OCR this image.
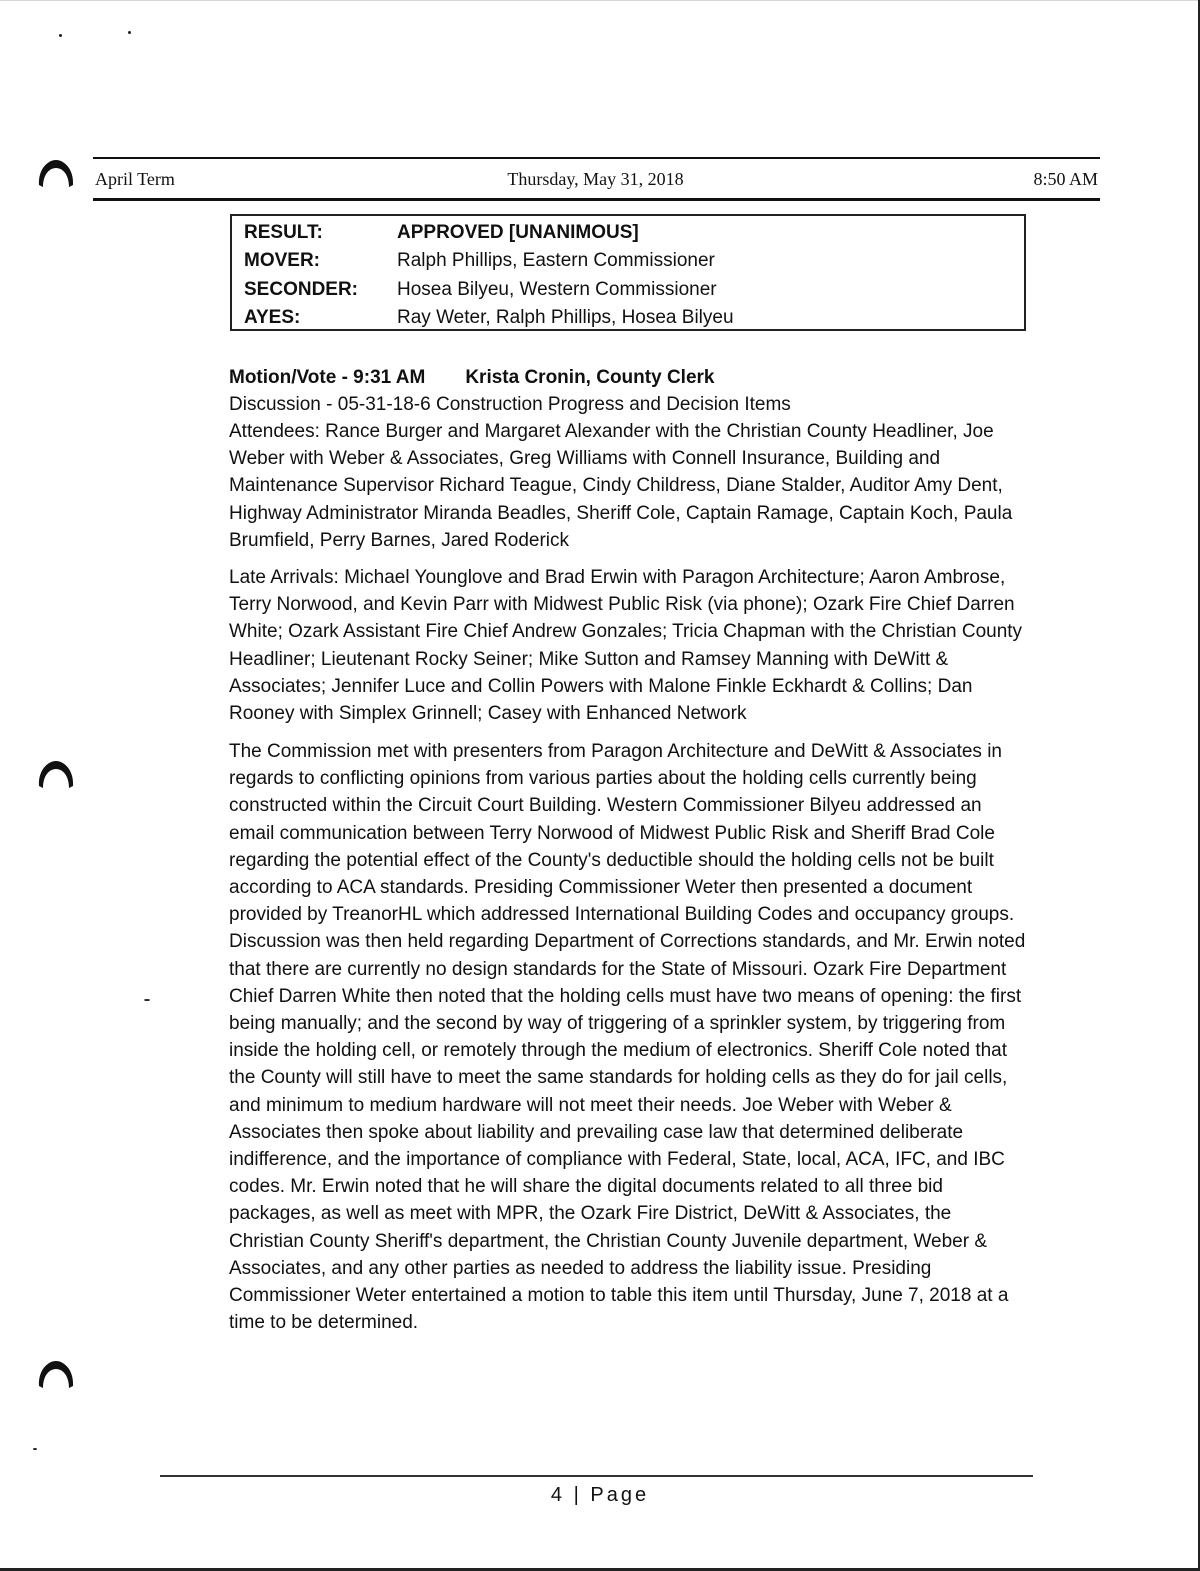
April Term	Thursday, May 31, 2018	8:50 AM
RESULT:	APPROVED [UNANIMOUS]
MOVER:	Ralph Phillips, Eastern Commissioner
SECONDER:	Hosea Bilyeu, Western Commissioner
AYES:	Ray Weter, Ralph Phillips, Hosea Bilyeu
Motion/Vote - 9:31 AM Krista Cronin, County Clerk
Discussion - 05-31-18-6 Construction Progress and Decision Items

Attendees: Rance Burger and Margaret Alexander with the Christian County Headliner, Joe Weber with Weber & Associates, Greg Williams with Connell Insurance, Building and Maintenance Supervisor Richard Teague, Cindy Childress, Diane Stalder, Auditor Amy Dent, Highway Administrator Miranda Beadles, Sheriff Cole, Captain Ramage, Captain Koch, Paula Brumfield, Perry Barnes, Jared Roderick

Late Arrivals: Michael Younglove and Brad Erwin with Paragon Architecture; Aaron Ambrose, Terry Norwood, and Kevin Parr with Midwest Public Risk (via phone); Ozark Fire Chief Darren White; Ozark Assistant Fire Chief Andrew Gonzales; Tricia Chapman with the Christian County Headliner; Lieutenant Rocky Seiner; Mike Sutton and Ramsey Manning with DeWitt & Associates; Jennifer Luce and Collin Powers with Malone Finkle Eckhardt & Collins; Dan Rooney with Simplex Grinnell; Casey with Enhanced Network

The Commission met with presenters from Paragon Architecture and DeWitt & Associates in regards to conflicting opinions from various parties about the holding cells currently being constructed within the Circuit Court Building. Western Commissioner Bilyeu addressed an email communication between Terry Norwood of Midwest Public Risk and Sheriff Brad Cole regarding the potential effect of the County's deductible should the holding cells not be built according to ACA standards. Presiding Commissioner Weter then presented a document provided by TreanorHL which addressed International Building Codes and occupancy groups. Discussion was then held regarding Department of Corrections standards, and Mr. Erwin noted that there are currently no design standards for the State of Missouri. Ozark Fire Department Chief Darren White then noted that the holding cells must have two means of opening: the first being manually; and the second by way of triggering of a sprinkler system, by triggering from inside the holding cell, or remotely through the medium of electronics. Sheriff Cole noted that the County will still have to meet the same standards for holding cells as they do for jail cells, and minimum to medium hardware will not meet their needs. Joe Weber with Weber & Associates then spoke about liability and prevailing case law that determined deliberate indifference, and the importance of compliance with Federal, State, local, ACA, IFC, and IBC codes. Mr. Erwin noted that he will share the digital documents related to all three bid packages, as well as meet with MPR, the Ozark Fire District, DeWitt & Associates, the Christian County Sheriff's department, the Christian County Juvenile department, Weber & Associates, and any other parties as needed to address the liability issue. Presiding Commissioner Weter entertained a motion to table this item until Thursday, June 7, 2018 at a time to be determined.

4 | Page
